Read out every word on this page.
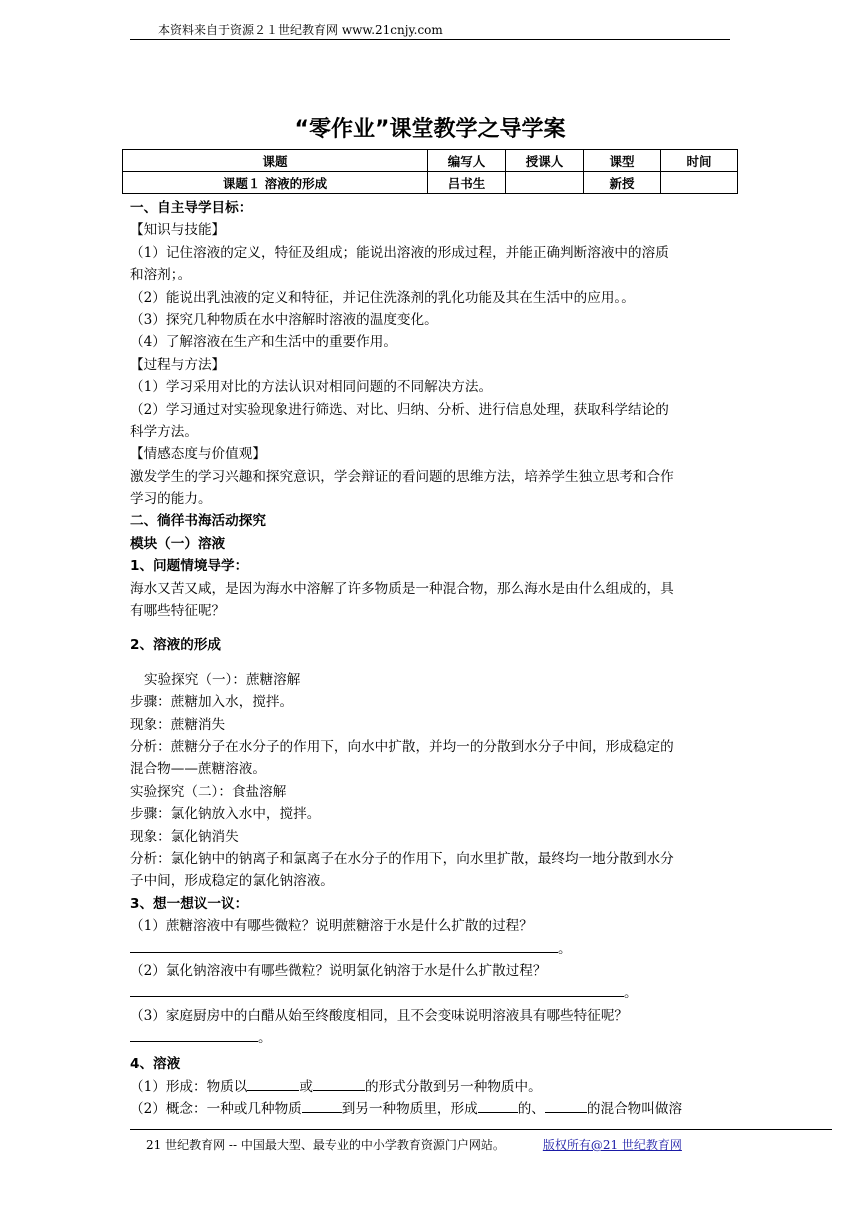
本资料来自于资源２１世纪教育网 www.21cnjy.com
“零作业”课堂教学之导学案
课题	编写人	授课人	课型	时间
课题１ 溶液的形成	吕书生		新授	
一、自主导学目标：
【知识与技能】
（1）记住溶液的定义，特征及组成；能说出溶液的形成过程，并能正确判断溶液中的溶质
和溶剂；。
（2）能说出乳浊液的定义和特征，并记住洗涤剂的乳化功能及其在生活中的应用。。
（3）探究几种物质在水中溶解时溶液的温度变化。
（4）了解溶液在生产和生活中的重要作用。
【过程与方法】
（1）学习采用对比的方法认识对相同问题的不同解决方法。
（2）学习通过对实验现象进行筛选、对比、归纳、分析、进行信息处理，获取科学结论的
科学方法。
【情感态度与价值观】
激发学生的学习兴趣和探究意识，学会辩证的看问题的思维方法，培养学生独立思考和合作
学习的能力。
二、徜徉书海活动探究
模块（一）溶液
1、问题情境导学：
海水又苦又咸，是因为海水中溶解了许多物质是一种混合物，那么海水是由什么组成的，具
有哪些特征呢？
2、溶液的形成
实验探究（一）：蔗糖溶解
步骤：蔗糖加入水，搅拌。
现象：蔗糖消失
分析：蔗糖分子在水分子的作用下，向水中扩散，并均一的分散到水分子中间，形成稳定的
混合物——蔗糖溶液。
实验探究（二）：食盐溶解
步骤：氯化钠放入水中，搅拌。
现象：氯化钠消失
分析：氯化钠中的钠离子和氯离子在水分子的作用下，向水里扩散，最终均一地分散到水分
子中间，形成稳定的氯化钠溶液。
3、想一想议一议：
（1）蔗糖溶液中有哪些微粒？说明蔗糖溶于水是什么扩散的过程？
。
（2）氯化钠溶液中有哪些微粒？说明氯化钠溶于水是什么扩散过程？
。
（3）家庭厨房中的白醋从始至终酸度相同，且不会变味说明溶液具有哪些特征呢？
。
4、溶液
（1）形成：物质以	或	的形式分散到另一种物质中。
（2）概念：一种或几种物质	到另一种物质里，形成	的、	的混合物叫做溶
21 世纪教育网 -- 中国最大型、最专业的中小学教育资源门户网站。	版权所有@21 世纪教育网
